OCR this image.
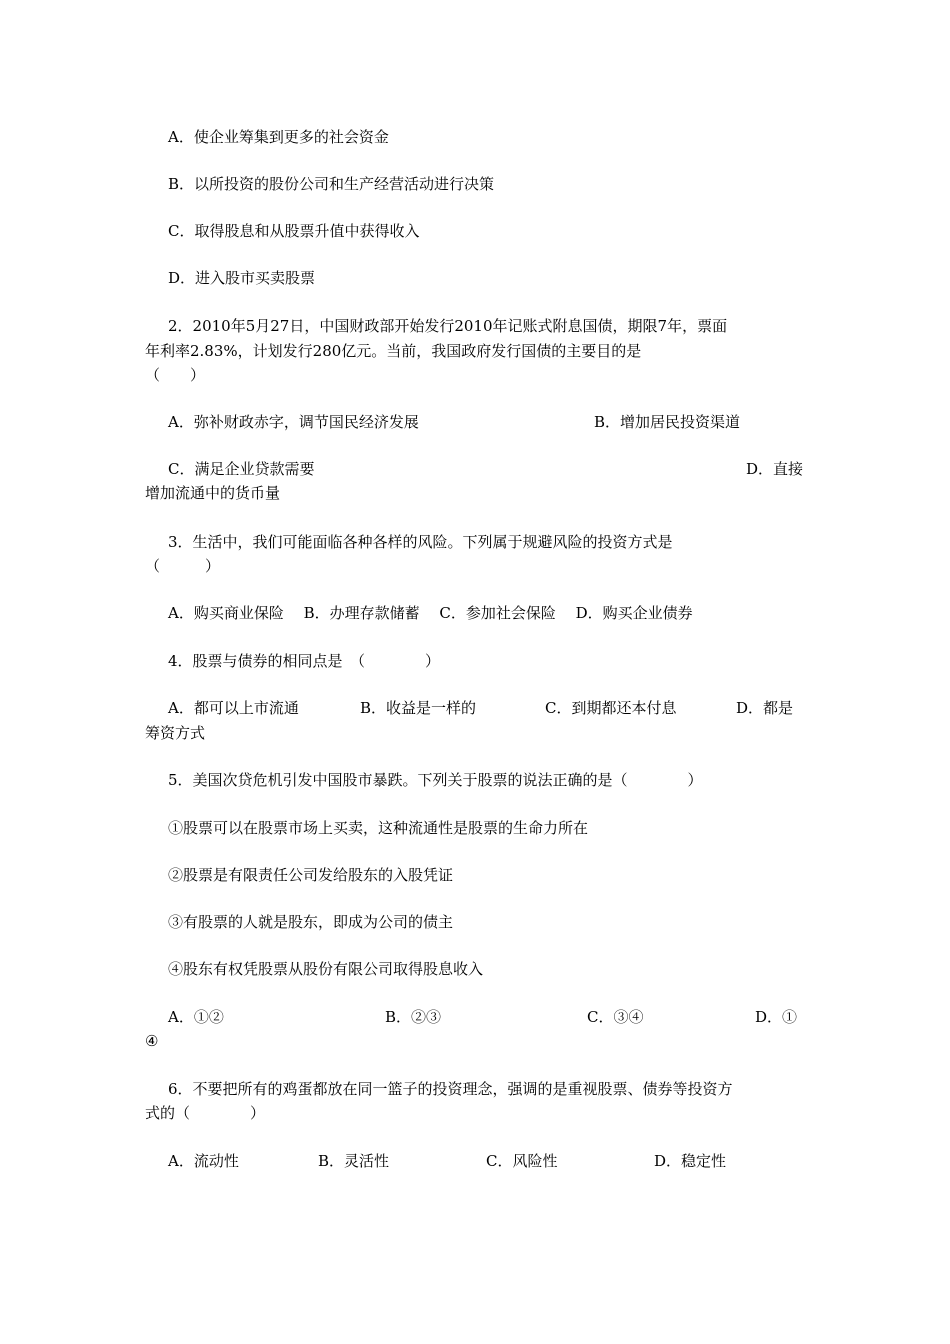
A．使企业筹集到更多的社会资金
B．以所投资的股份公司和生产经营活动进行决策
C．取得股息和从股票升值中获得收入
D．进入股市买卖股票
2．2010年5月27日，中国财政部开始发行2010年记账式附息国债，期限7年，票面
年利率2.83%，计划发行280亿元。当前，我国政府发行国债的主要目的是
（　　）
A．弥补财政赤字，调节国民经济发展	B．增加居民投资渠道
C．满足企业贷款需要	D．直接
增加流通中的货币量
3．生活中，我们可能面临各种各样的风险。下列属于规避风险的投资方式是
（　　　）
A．购买商业保险　 B．办理存款储蓄　 C．参加社会保险　 D．购买企业债券
4．股票与债券的相同点是　（　　　　）
A．都可以上市流通	B．收益是一样的	C．到期都还本付息	D．都是
筹资方式
5．美国次贷危机引发中国股市暴跌。下列关于股票的说法正确的是（　　　　）
①股票可以在股票市场上买卖，这种流通性是股票的生命力所在
②股票是有限责任公司发给股东的入股凭证
③有股票的人就是股东，即成为公司的债主
④股东有权凭股票从股份有限公司取得股息收入
A．①②	B．②③	C．③④	D．①
④
6．不要把所有的鸡蛋都放在同一篮子的投资理念，强调的是重视股票、债券等投资方
式的（　　　　）
A．流动性	B．灵活性	C．风险性	D．稳定性
